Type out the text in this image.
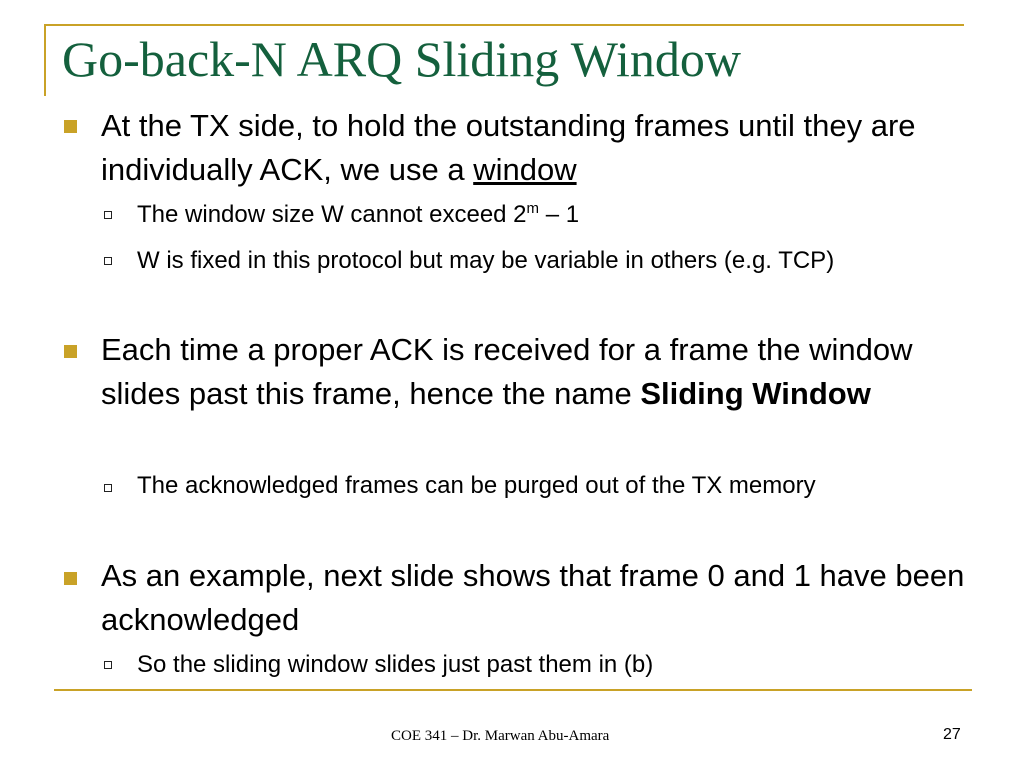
Go-back-N ARQ Sliding Window
At the TX side, to hold the outstanding frames until they are individually ACK, we use a window
The window size W cannot exceed 2$^m$ – 1
W is fixed in this protocol but may be variable in others (e.g. TCP)
Each time a proper ACK is received for a frame the window slides past this frame, hence the name Sliding Window
The acknowledged frames can be purged out of the TX memory
As an example, next slide shows that frame 0 and 1 have been acknowledged
So the sliding window slides just past them in (b)
COE 341 – Dr. Marwan Abu-Amara	27
